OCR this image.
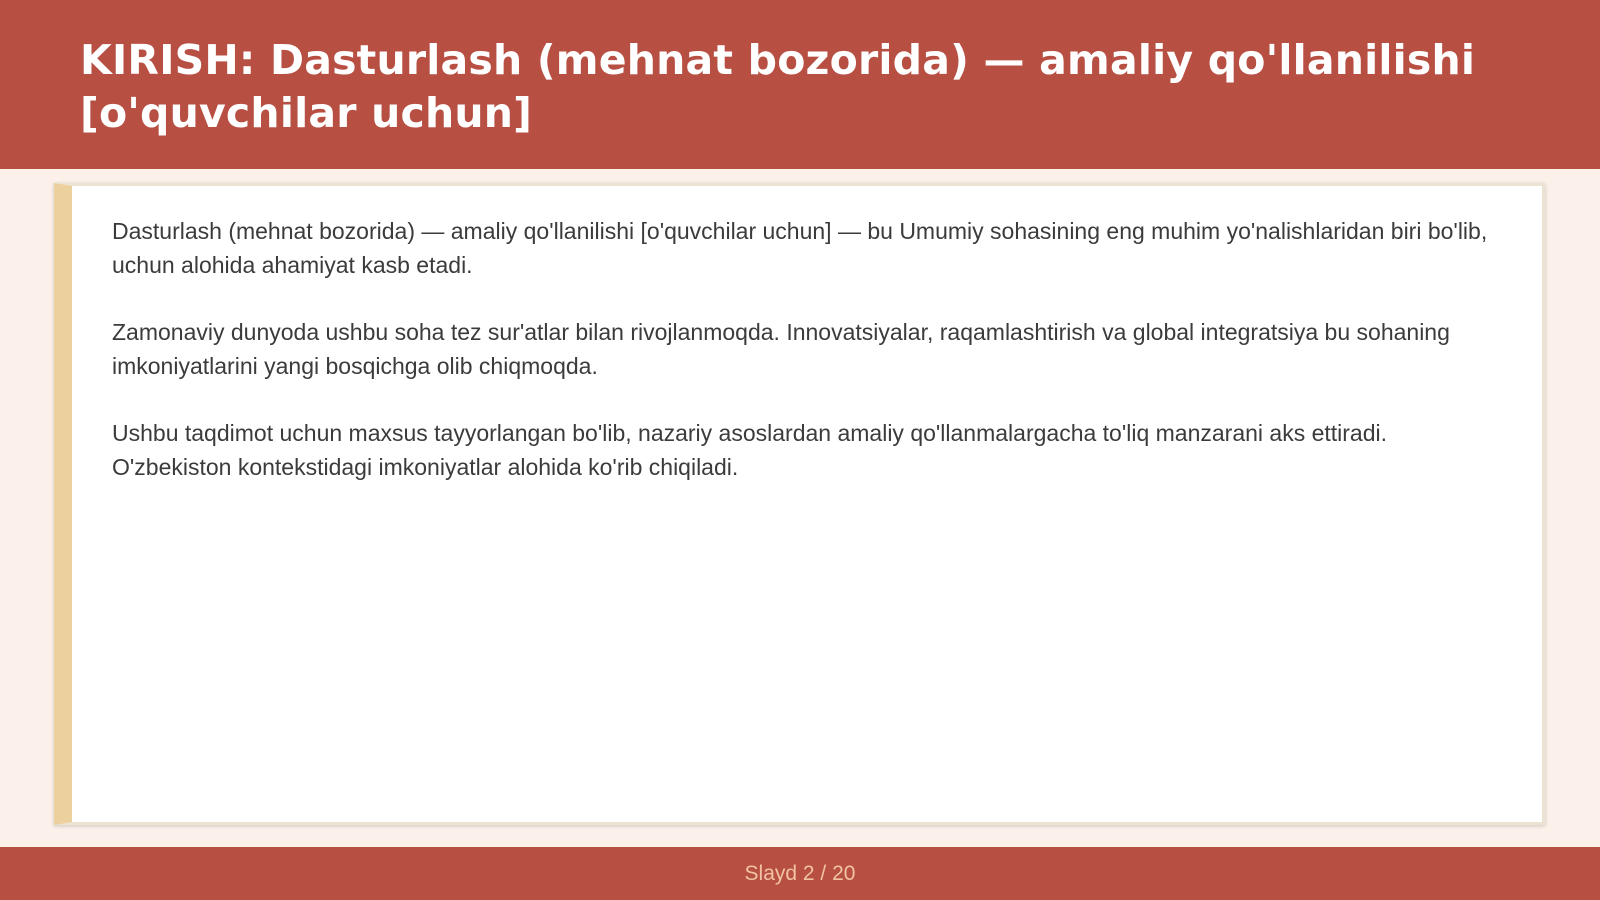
KIRISH: Dasturlash (mehnat bozorida) — amaliy qo'llanilishi [o'quvchilar uchun]

Dasturlash (mehnat bozorida) — amaliy qo'llanilishi [o'quvchilar uchun] — bu Umumiy sohasining eng muhim yo'nalishlaridan biri bo'lib, uchun alohida ahamiyat kasb etadi.

Zamonaviy dunyoda ushbu soha tez sur'atlar bilan rivojlanmoqda. Innovatsiyalar, raqamlashtirish va global integratsiya bu sohaning imkoniyatlarini yangi bosqichga olib chiqmoqda.

Ushbu taqdimot uchun maxsus tayyorlangan bo'lib, nazariy asoslardan amaliy qo'llanmalargacha to'liq manzarani aks ettiradi. O'zbekiston kontekstidagi imkoniyatlar alohida ko'rib chiqiladi.

Slayd 2 / 20
